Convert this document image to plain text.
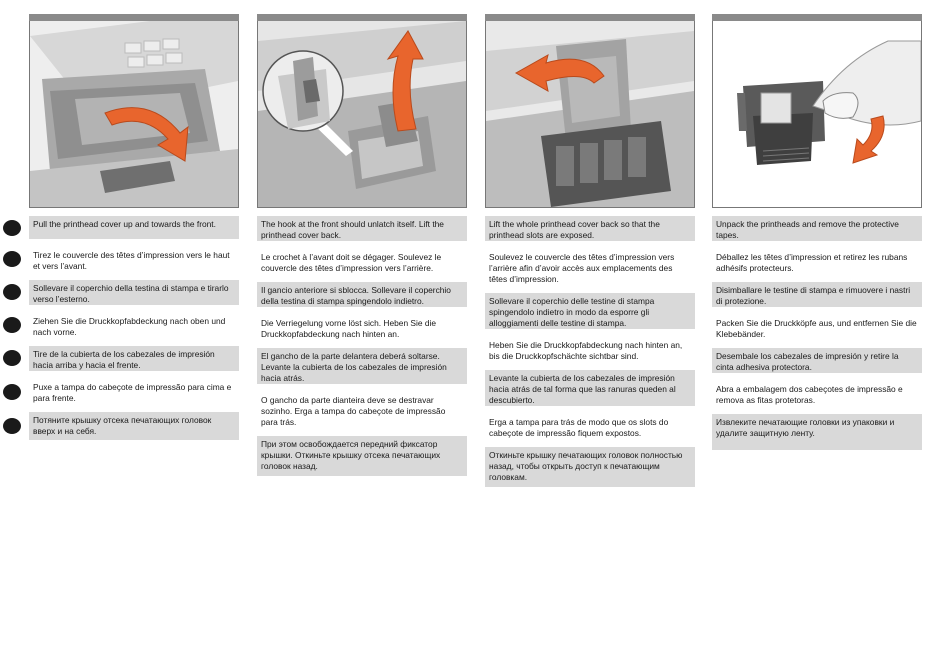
Pull the printhead cover up and towards the front.
Tirez le couvercle des têtes d’impression vers le haut et vers l’avant.
Sollevare il coperchio della testina di stampa e tirarlo verso l’esterno.
Ziehen Sie die Druckkopfabdeckung nach oben und nach vorne.
Tire de la cubierta de los cabezales de impresión hacia arriba y hacia el frente.
Puxe a tampa do cabeçote de impressão para cima e para frente.
Потяните крышку отсека печатающих головок вверх и на себя.
The hook at the front should unlatch itself. Lift the printhead cover back.
Le crochet à l’avant doit se dégager. Soulevez le couvercle des têtes d’impression vers l’arrière.
Il gancio anteriore si sblocca. Sollevare il coperchio della testina di stampa spingendolo indietro.
Die Verriegelung vorne löst sich. Heben Sie die Druckkopfabdeckung nach hinten an.
El gancho de la parte delantera deberá soltarse. Levante la cubierta de los cabezales de impresión hacia atrás.
O gancho da parte dianteira deve se destravar sozinho. Erga a tampa do cabeçote de impressão para trás.
При этом освобождается передний фиксатор крышки. Откиньте крышку отсека печатающих головок назад.
Lift the whole printhead cover back so that the printhead slots are exposed.
Soulevez le couvercle des têtes d’impression vers l’arrière afin d’avoir accès aux emplacements des têtes d’impression.
Sollevare il coperchio delle testine di stampa spingendolo indietro in modo da esporre gli alloggiamenti delle testine di stampa.
Heben Sie die Druckkopfabdeckung nach hinten an, bis die Druckkopfschächte sichtbar sind.
Levante la cubierta de los cabezales de impresión hacia atrás de tal forma que las ranuras queden al descubierto.
Erga a tampa para trás de modo que os slots do cabeçote de impressão fiquem expostos.
Откиньте крышку печатающих головок полностью назад, чтобы открыть доступ к печатающим головкам.
Unpack the printheads and remove the protective tapes.
Déballez les têtes d’impression et retirez les rubans adhésifs protecteurs.
Disimballare le testine di stampa e rimuovere i nastri di protezione.
Packen Sie die Druckköpfe aus, und entfernen Sie die Klebebänder.
Desembale los cabezales de impresión y retire la cinta adhesiva protectora.
Abra a embalagem dos cabeçotes de impressão e remova as fitas protetoras.
Извлеките печатающие головки из упаковки и удалите защитную ленту.
